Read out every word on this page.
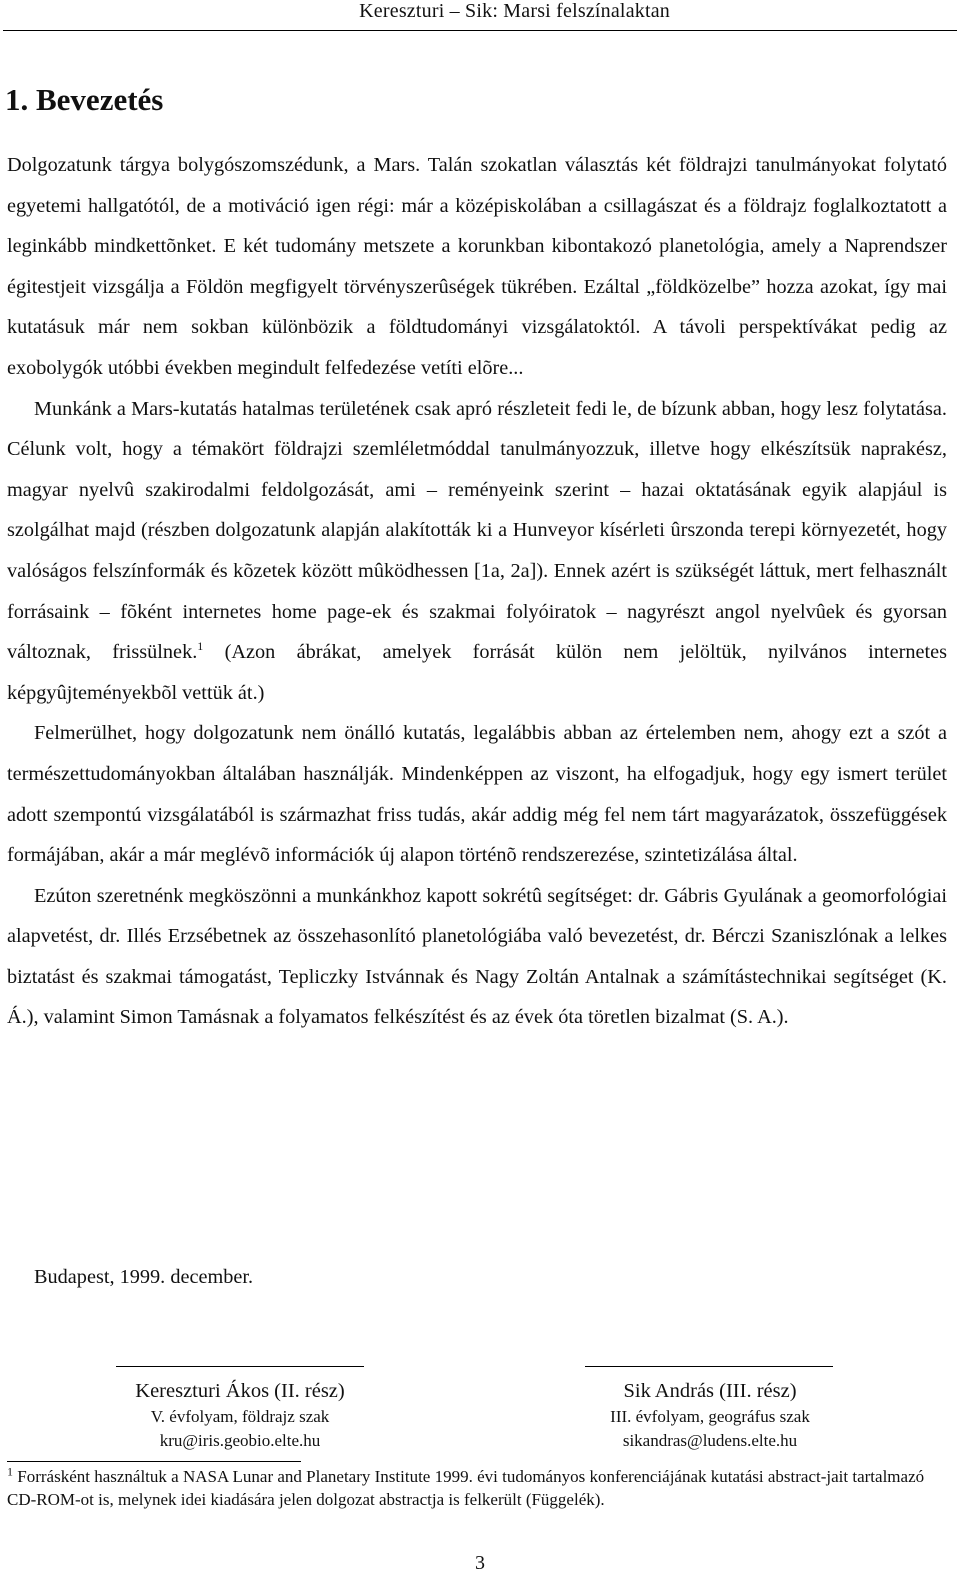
Kereszturi – Sik: Marsi felszínalaktan
1. Bevezetés

Dolgozatunk tárgya bolygószomszédunk, a Mars. Talán szokatlan választás két földrajzi tanulmányokat folytató egyetemi hallgatótól, de a motiváció igen régi: már a középiskolában a csillagászat és a földrajz foglalkoztatott a leginkább mindkettõnket. E két tudomány metszete a korunkban kibontakozó planetológia, amely a Naprendszer égitestjeit vizsgálja a Földön megfigyelt törvényszerûségek tükrében. Ezáltal „földközelbe” hozza azokat, így mai kutatásuk már nem sokban különbözik a földtudományi vizsgálatoktól. A távoli perspektívákat pedig az exobolygók utóbbi években megindult felfedezése vetíti elõre...

Munkánk a Mars-kutatás hatalmas területének csak apró részleteit fedi le, de bízunk abban, hogy lesz folytatása. Célunk volt, hogy a témakört földrajzi szemléletmóddal tanulmányozzuk, illetve hogy elkészítsük naprakész, magyar nyelvû szakirodalmi feldolgozását, ami – reményeink szerint – hazai oktatásának egyik alapjául is szolgálhat majd (részben dolgozatunk alapján alakították ki a Hunveyor kísérleti ûrszonda terepi környezetét, hogy valóságos felszínformák és kõzetek között mûködhessen [1a, 2a]). Ennek azért is szükségét láttuk, mert felhasznált forrásaink – fõként internetes home page-ek és szakmai folyóiratok – nagyrészt angol nyelvûek és gyorsan változnak, frissülnek.$^1$ (Azon ábrákat, amelyek forrását külön nem jelöltük, nyilvános internetes képgyûjteményekbõl vettük át.)

Felmerülhet, hogy dolgozatunk nem önálló kutatás, legalábbis abban az értelemben nem, ahogy ezt a szót a természettudományokban általában használják. Mindenképpen az viszont, ha elfogadjuk, hogy egy ismert terület adott szempontú vizsgálatából is származhat friss tudás, akár addig még fel nem tárt magyarázatok, összefüggések formájában, akár a már meglévõ információk új alapon történõ rendszerezése, szintetizálása által.

Ezúton szeretnénk megköszönni a munkánkhoz kapott sokrétû segítséget: dr. Gábris Gyulának a geomorfológiai alapvetést, dr. Illés Erzsébetnek az összehasonlító planetológiába való bevezetést, dr. Bérczi Szaniszlónak a lelkes biztatást és szakmai támogatást, Tepliczky Istvánnak és Nagy Zoltán Antalnak a számítástechnikai segítséget (K. Á.), valamint Simon Tamásnak a folyamatos felkészítést és az évek óta töretlen bizalmat (S. A.).

Budapest, 1999. december.
Kereszturi Ákos (II. rész)
V. évfolyam, földrajz szak
kru@iris.geobio.elte.hu
Sik András (III. rész)
III. évfolyam, geográfus szak
sikandras@ludens.elte.hu
$^1$ Forrásként használtuk a NASA Lunar and Planetary Institute 1999. évi tudományos konferenciájának kutatási abstract-jait tartalmazó CD-ROM-ot is, melynek idei kiadására jelen dolgozat abstractja is felkerült (Függelék).
3
